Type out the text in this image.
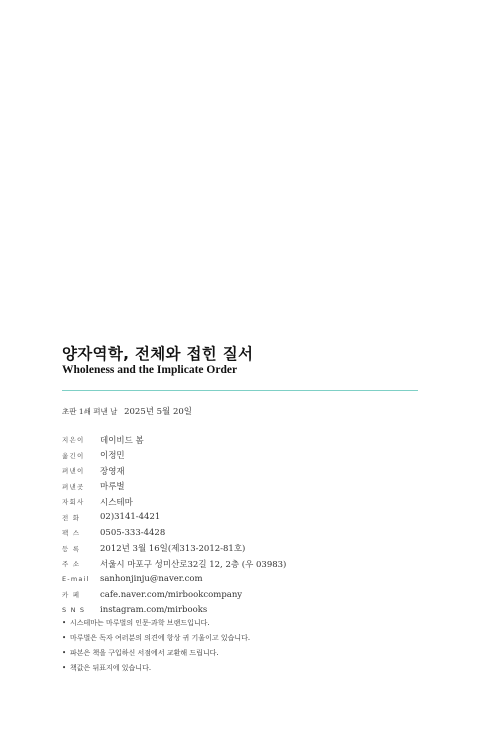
양자역학, 전체와 접힌 질서
Wholeness and the Implicate Order
초판 1쇄 펴낸 날 2025년 5월 20일
지은이	데이비드 봄
옮긴이	이정민
펴낸이	장영재
펴낸곳	마루벌
자회사	시스테마
전 화	02)3141-4421
팩 스	0505-333-4428
등 록	2012년 3월 16일(제313-2012-81호)
주 소	서울시 마포구 성미산로32길 12, 2층 (우 03983)
E-mail	sanhonjinju@naver.com
카 페	cafe.naver.com/mirbookcompany
S N S	instagram.com/mirbooks
• 시스테마는 마루벌의 인문·과학 브랜드입니다.
• 마루벌은 독자 여러분의 의견에 항상 귀 기울이고 있습니다.
• 파본은 책을 구입하신 서점에서 교환해 드립니다.
• 책값은 뒤표지에 있습니다.
